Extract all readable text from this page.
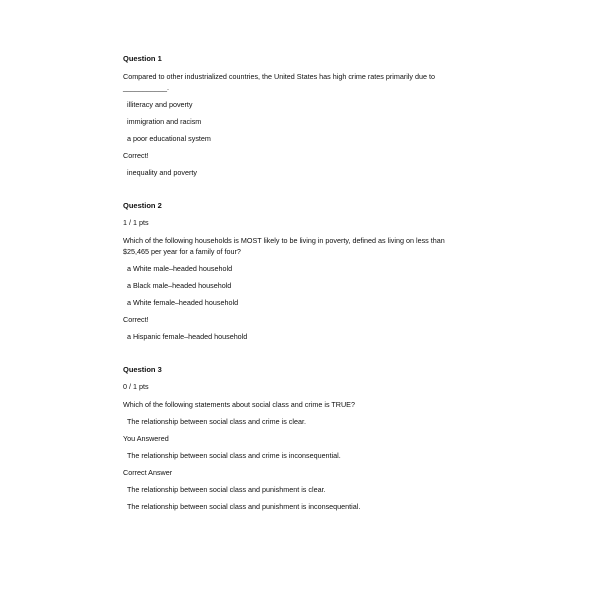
Question 1
Compared to other industrialized countries, the United States has high crime rates primarily due to
___________.
illiteracy and poverty
immigration and racism
a poor educational system
Correct!
inequality and poverty
Question 2
1 / 1 pts
Which of the following households is MOST likely to be living in poverty, defined as living on less than
$25,465 per year for a family of four?
a White male–headed household
a Black male–headed household
a White female–headed household
Correct!
a Hispanic female–headed household
Question 3
0 / 1 pts
Which of the following statements about social class and crime is TRUE?
The relationship between social class and crime is clear.
You Answered
The relationship between social class and crime is inconsequential.
Correct Answer
The relationship between social class and punishment is clear.
The relationship between social class and punishment is inconsequential.
